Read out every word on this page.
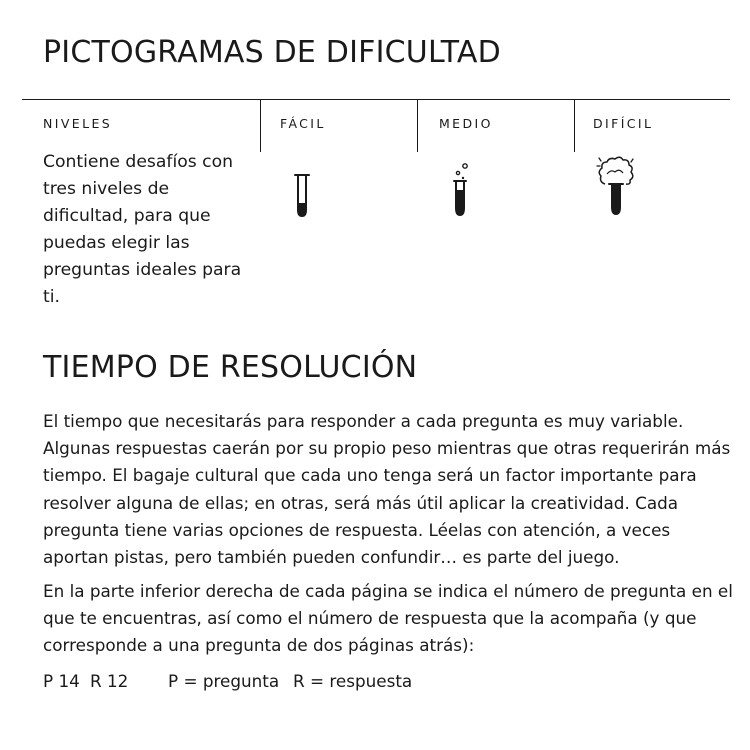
PICTOGRAMAS DE DIFICULTAD
NIVELES	FÁCIL	MEDIO	DIFÍCIL
Contiene desafíos con tres niveles de dificultad, para que puedas elegir las preguntas ideales para ti.
TIEMPO DE RESOLUCIÓN

El tiempo que necesitarás para responder a cada pregunta es muy variable. Algunas respuestas caerán por su propio peso mientras que otras requerirán más tiempo. El bagaje cultural que cada uno tenga será un factor importante para resolver alguna de ellas; en otras, será más útil aplicar la creatividad. Cada pregunta tiene varias opciones de respuesta. Léelas con atención, a veces aportan pistas, pero también pueden confundir… es parte del juego.

En la parte inferior derecha de cada página se indica el número de pregunta en el que te encuentras, así como el número de respuesta que la acompaña (y que corresponde a una pregunta de dos páginas atrás):

P 14 R 12 P = pregunta R = respuesta
